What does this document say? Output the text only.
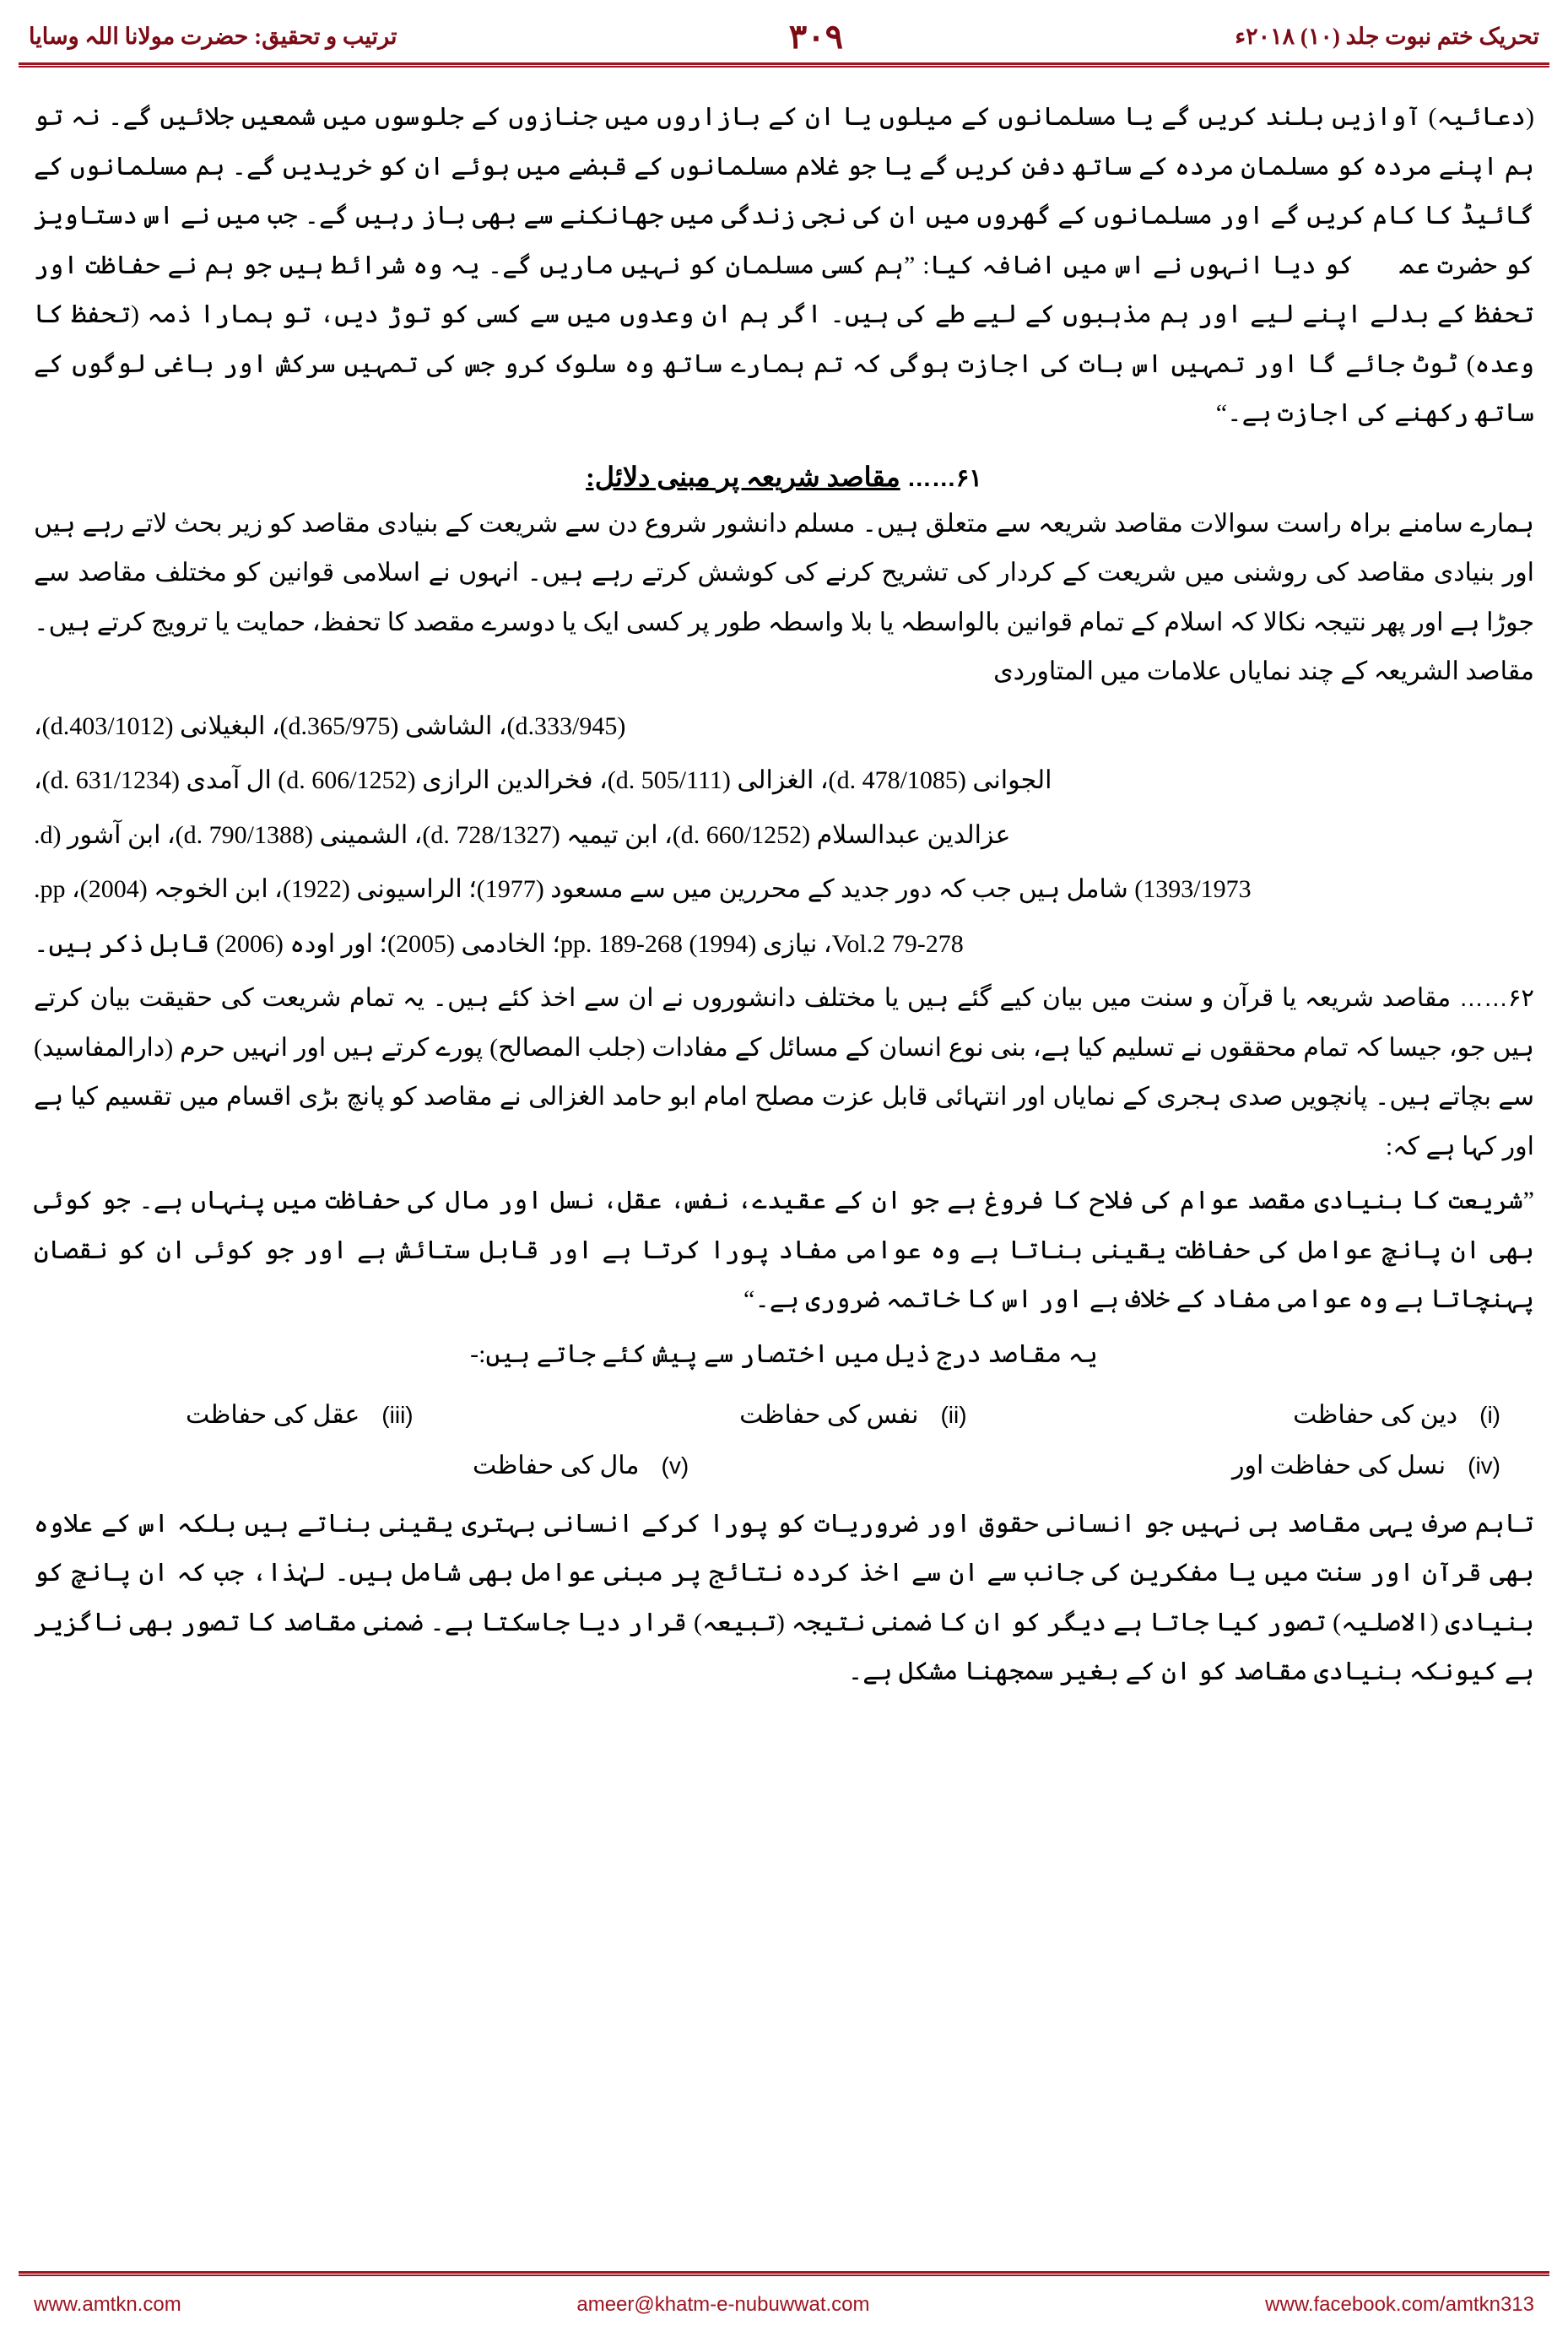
تحریک ختم نبوت جلد (۱۰) ۲۰۱۸ء
۳۰۹
ترتیب و تحقیق: حضرت مولانا اللہ وسایا

(دعائیہ) آوازیں بلند کریں گے یا مسلمانوں کے میلوں یا ان کے بازاروں میں جنازوں کے جلوسوں میں شمعیں جلائیں گے۔ نہ تو ہم اپنے مردہ کو مسلمان مردہ کے ساتھ دفن کریں گے یا جو غلام مسلمانوں کے قبضے میں ہوئے ان کو خریدیں گے۔ ہم مسلمانوں کے گائیڈ کا کام کریں گے اور مسلمانوں کے گھروں میں ان کی نجی زندگی میں جھانکنے سے بھی باز رہیں گے۔ جب میں نے اس دستاویز کو حضرت عمرؓ کو دیا انہوں نے اس میں اضافہ کیا: ”ہم کسی مسلمان کو نہیں ماریں گے۔ یہ وہ شرائط ہیں جو ہم نے حفاظت اور تحفظ کے بدلے اپنے لیے اور ہم مذہبوں کے لیے طے کی ہیں۔ اگر ہم ان وعدوں میں سے کسی کو توڑ دیں، تو ہمارا ذمہ (تحفظ کا وعدہ) ٹوٹ جائے گا اور تمہیں اس بات کی اجازت ہوگی کہ تم ہمارے ساتھ وہ سلوک کرو جس کی تمہیں سرکش اور باغی لوگوں کے ساتھ رکھنے کی اجازت ہے۔“

۶۱…… مقاصد شریعہ پر مبنی دلائل:

ہمارے سامنے براہ راست سوالات مقاصد شریعہ سے متعلق ہیں۔ مسلم دانشور شروع دن سے شریعت کے بنیادی مقاصد کو زیر بحث لاتے رہے ہیں اور بنیادی مقاصد کی روشنی میں شریعت کے کردار کی تشریح کرنے کی کوشش کرتے رہے ہیں۔ انہوں نے اسلامی قوانین کو مختلف مقاصد سے جوڑا ہے اور پھر نتیجہ نکالا کہ اسلام کے تمام قوانین بالواسطہ یا بلا واسطہ طور پر کسی ایک یا دوسرے مقصد کا تحفظ، حمایت یا ترویج کرتے ہیں۔ مقاصد الشریعہ کے چند نمایاں علامات میں المتاوردی

(d.333/945)، الشاشی (d.365/975)، البغیلانی (d.403/1012)،

الجوانی (d. 478/1085)، الغزالی (d. 505/111)، فخرالدین الرازی (d. 606/1252) ال آمدی (d. 631/1234)،

عزالدین عبدالسلام (d. 660/1252)، ابن تیمیہ (d. 728/1327)، الشمینی (d. 790/1388)، ابن آشور (d.

1393/1973) شامل ہیں جب کہ دور جدید کے محررین میں سے مسعود (1977)؛ الراسیونی (1922)، ابن الخوجہ (2004)، pp.

79-278 Vol.2، نیازی (1994) pp. 189-268؛ الخادمی (2005)؛ اور اودہ (2006) قابل ذکر ہیں۔

۶۲…… مقاصد شریعہ یا قرآن و سنت میں بیان کیے گئے ہیں یا مختلف دانشوروں نے ان سے اخذ کئے ہیں۔ یہ تمام شریعت کی حقیقت بیان کرتے ہیں جو، جیسا کہ تمام محققوں نے تسلیم کیا ہے، بنی نوع انسان کے مسائل کے مفادات (جلب المصالح) پورے کرتے ہیں اور انہیں حرم (دارالمفاسید) سے بچاتے ہیں۔ پانچویں صدی ہجری کے نمایاں اور انتہائی قابل عزت مصلح امام ابو حامد الغزالی نے مقاصد کو پانچ بڑی اقسام میں تقسیم کیا ہے اور کہا ہے کہ:

”شریعت کا بنیادی مقصد عوام کی فلاح کا فروغ ہے جو ان کے عقیدے، نفس، عقل، نسل اور مال کی حفاظت میں پنہاں ہے۔ جو کوئی بھی ان پانچ عوامل کی حفاظت یقینی بناتا ہے وہ عوامی مفاد پورا کرتا ہے اور قابل ستائش ہے اور جو کوئی ان کو نقصان پہنچاتا ہے وہ عوامی مفاد کے خلاف ہے اور اس کا خاتمہ ضروری ہے۔“

یہ مقاصد درج ذیل میں اختصار سے پیش کئے جاتے ہیں:-
(i)
دین کی حفاظت
(ii)
نفس کی حفاظت
(iii)
عقل کی حفاظت
(iv)
نسل کی حفاظت اور
(v)
مال کی حفاظت

تاہم صرف یہی مقاصد ہی نہیں جو انسانی حقوق اور ضروریات کو پورا کرکے انسانی بہتری یقینی بناتے ہیں بلکہ اس کے علاوہ بھی قرآن اور سنت میں یا مفکرین کی جانب سے ان سے اخذ کردہ نتائج پر مبنی عوامل بھی شامل ہیں۔ لہٰذا، جب کہ ان پانچ کو بنیادی (الاصلیہ) تصور کیا جاتا ہے دیگر کو ان کا ضمنی نتیجہ (تبیعہ) قرار دیا جاسکتا ہے۔ ضمنی مقاصد کا تصور بھی ناگزیر ہے کیونکہ بنیادی مقاصد کو ان کے بغیر سمجھنا مشکل ہے۔

www.amtkn.com	ameer@khatm-e-nubuwwat.com	www.facebook.com/amtkn313
